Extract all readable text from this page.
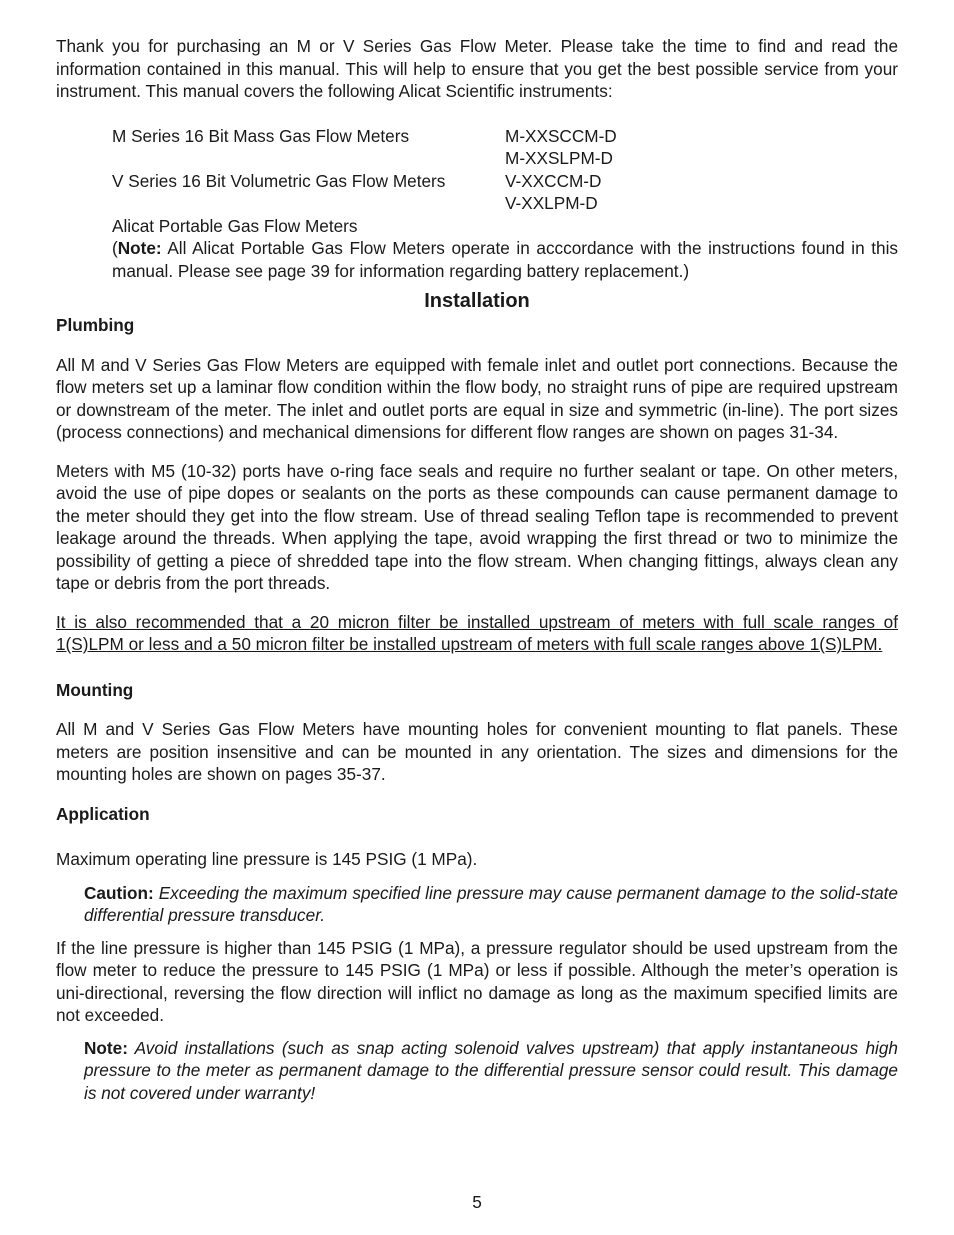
Thank you for purchasing an M or V Series Gas Flow Meter. Please take the time to find and read the information contained in this manual. This will help to ensure that you get the best possible service from your instrument. This manual covers the following Alicat Scientific instruments:

M Series 16 Bit Mass Gas Flow Meters	M-XXSCCM-D
M-XXSLPM-D
V Series 16 Bit Volumetric Gas Flow Meters	V-XXCCM-D
V-XXLPM-D
Alicat Portable Gas Flow Meters

(Note: All Alicat Portable Gas Flow Meters operate in acccordance with the instructions found in this manual. Please see page 39 for information regarding battery replacement.)

Installation

Plumbing

All M and V Series Gas Flow Meters are equipped with female inlet and outlet port connections. Because the flow meters set up a laminar flow condition within the flow body, no straight runs of pipe are required upstream or downstream of the meter. The inlet and outlet ports are equal in size and symmetric (in-line). The port sizes (process connections) and mechanical dimensions for different flow ranges are shown on pages 31-34.

Meters with M5 (10-32) ports have o-ring face seals and require no further sealant or tape. On other meters, avoid the use of pipe dopes or sealants on the ports as these compounds can cause permanent damage to the meter should they get into the flow stream. Use of thread sealing Teflon tape is recommended to prevent leakage around the threads. When applying the tape, avoid wrapping the first thread or two to minimize the possibility of getting a piece of shredded tape into the flow stream. When changing fittings, always clean any tape or debris from the port threads.

It is also recommended that a 20 micron filter be installed upstream of meters with full scale ranges of 1(S)LPM or less and a 50 micron filter be installed upstream of meters with full scale ranges above 1(S)LPM.

Mounting

All M and V Series Gas Flow Meters have mounting holes for convenient mounting to flat panels. These meters are position insensitive and can be mounted in any orientation. The sizes and dimensions for the mounting holes are shown on pages 35-37.

Application

Maximum operating line pressure is 145 PSIG (1 MPa).

Caution: Exceeding the maximum specified line pressure may cause permanent damage to the solid-state differential pressure transducer.

If the line pressure is higher than 145 PSIG (1 MPa), a pressure regulator should be used upstream from the flow meter to reduce the pressure to 145 PSIG (1 MPa) or less if possible. Although the meter’s operation is uni-directional, reversing the flow direction will inflict no damage as long as the maximum specified limits are not exceeded.

Note: Avoid installations (such as snap acting solenoid valves upstream) that apply instantaneous high pressure to the meter as permanent damage to the differential pressure sensor could result. This damage is not covered under warranty!

5
